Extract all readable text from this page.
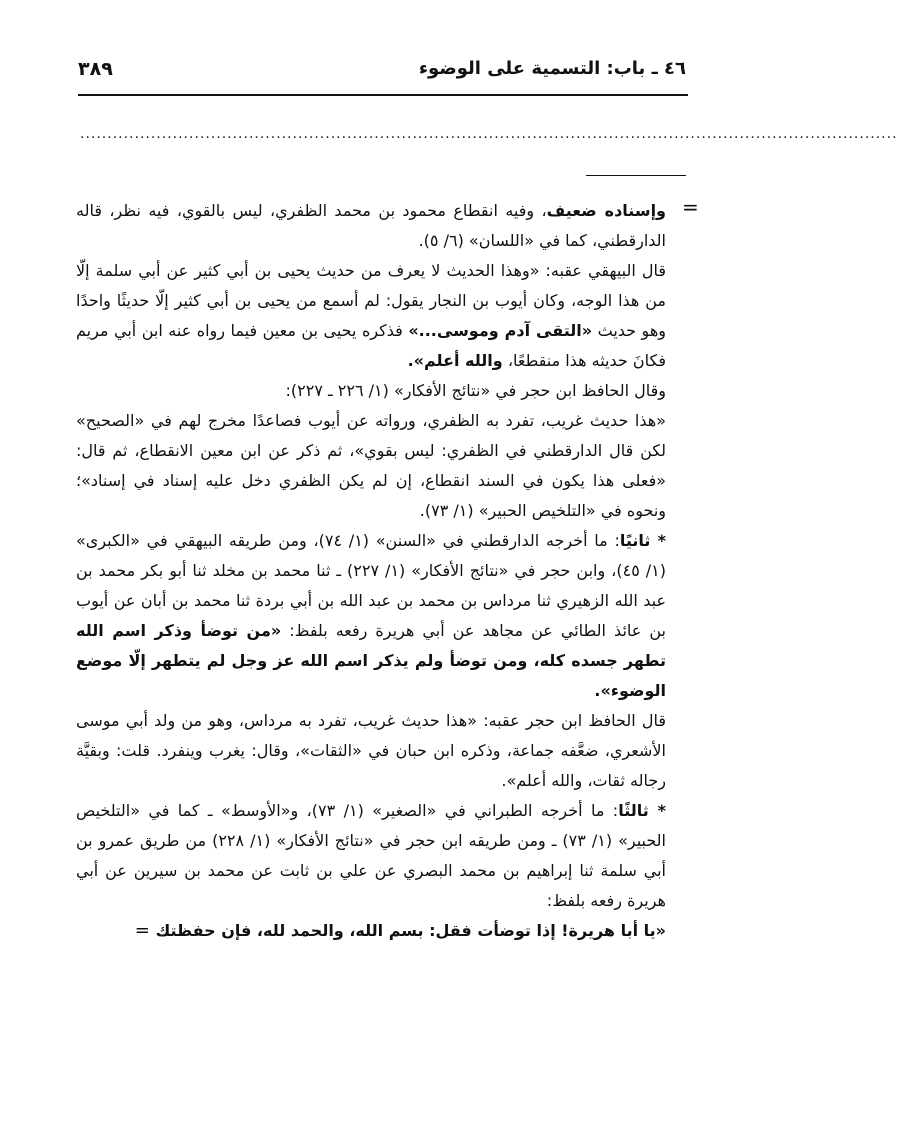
٤٦ ـ باب: التسمية على الوضوء
٣٨٩
......................................................................................................................................................
=

وإسناده ضعيف، وفيه انقطاع محمود بن محمد الظفري، ليس بالقوي، فيه نظر، قاله الدارقطني، كما في «اللسان» (٦/ ٥).

قال البيهقي عقبه: «وهذا الحديث لا يعرف من حديث يحيى بن أبي كثير عن أبي سلمة إلّا من هذا الوجه، وكان أيوب بن النجار يقول: لم أسمع من يحيى بن أبي كثير إلّا حديثًا واحدًا وهو حديث «التقى آدم وموسى...» فذكره يحيى بن معين فيما رواه عنه ابن أبي مريم فكانَ حديثه هذا منقطعًا، والله أعلم».

وقال الحافظ ابن حجر في «نتائج الأفكار» (١/ ٢٢٦ ـ ٢٢٧):

«هذا حديث غريب، تفرد به الظفري، ورواته عن أيوب فصاعدًا مخرج لهم في «الصحيح» لكن قال الدارقطني في الظفري: ليس بقوي»، ثم ذكر عن ابن معين الانقطاع، ثم قال: «فعلى هذا يكون في السند انقطاع، إن لم يكن الظفري دخل عليه إسناد في إسناد»؛ ونحوه في «التلخيص الحبير» (١/ ٧٣).

* ثانيًا: ما أخرجه الدارقطني في «السنن» (١/ ٧٤)، ومن طريقه البيهقي في «الكبرى» (١/ ٤٥)، وابن حجر في «نتائج الأفكار» (١/ ٢٢٧) ـ ثنا محمد بن مخلد ثنا أبو بكر محمد بن عبد الله الزهيري ثنا مرداس بن محمد بن عبد الله بن أبي بردة ثنا محمد بن أبان عن أيوب بن عائذ الطائي عن مجاهد عن أبي هريرة رفعه بلفظ: «من توضأ وذكر اسم الله تطهر جسده كله، ومن توضأ ولم يذكر اسم الله عز وجل لم يتطهر إلّا موضع الوضوء».

قال الحافظ ابن حجر عقبه: «هذا حديث غريب، تفرد به مرداس، وهو من ولد أبي موسى الأشعري، ضعَّفه جماعة، وذكره ابن حبان في «الثقات»، وقال: يغرب وينفرد. قلت: وبقيَّة رجاله ثقات، والله أعلم».

* ثالثًا: ما أخرجه الطبراني في «الصغير» (١/ ٧٣)، و«الأوسط» ـ كما في «التلخيص الحبير» (١/ ٧٣) ـ ومن طريقه ابن حجر في «نتائج الأفكار» (١/ ٢٢٨) من طريق عمرو بن أبي سلمة ثنا إبراهيم بن محمد البصري عن علي بن ثابت عن محمد بن سيرين عن أبي هريرة رفعه بلفظ:

«يا أبا هريرة! إذا توضأت فقل: بسم الله، والحمد لله، فإن حفظتك =
